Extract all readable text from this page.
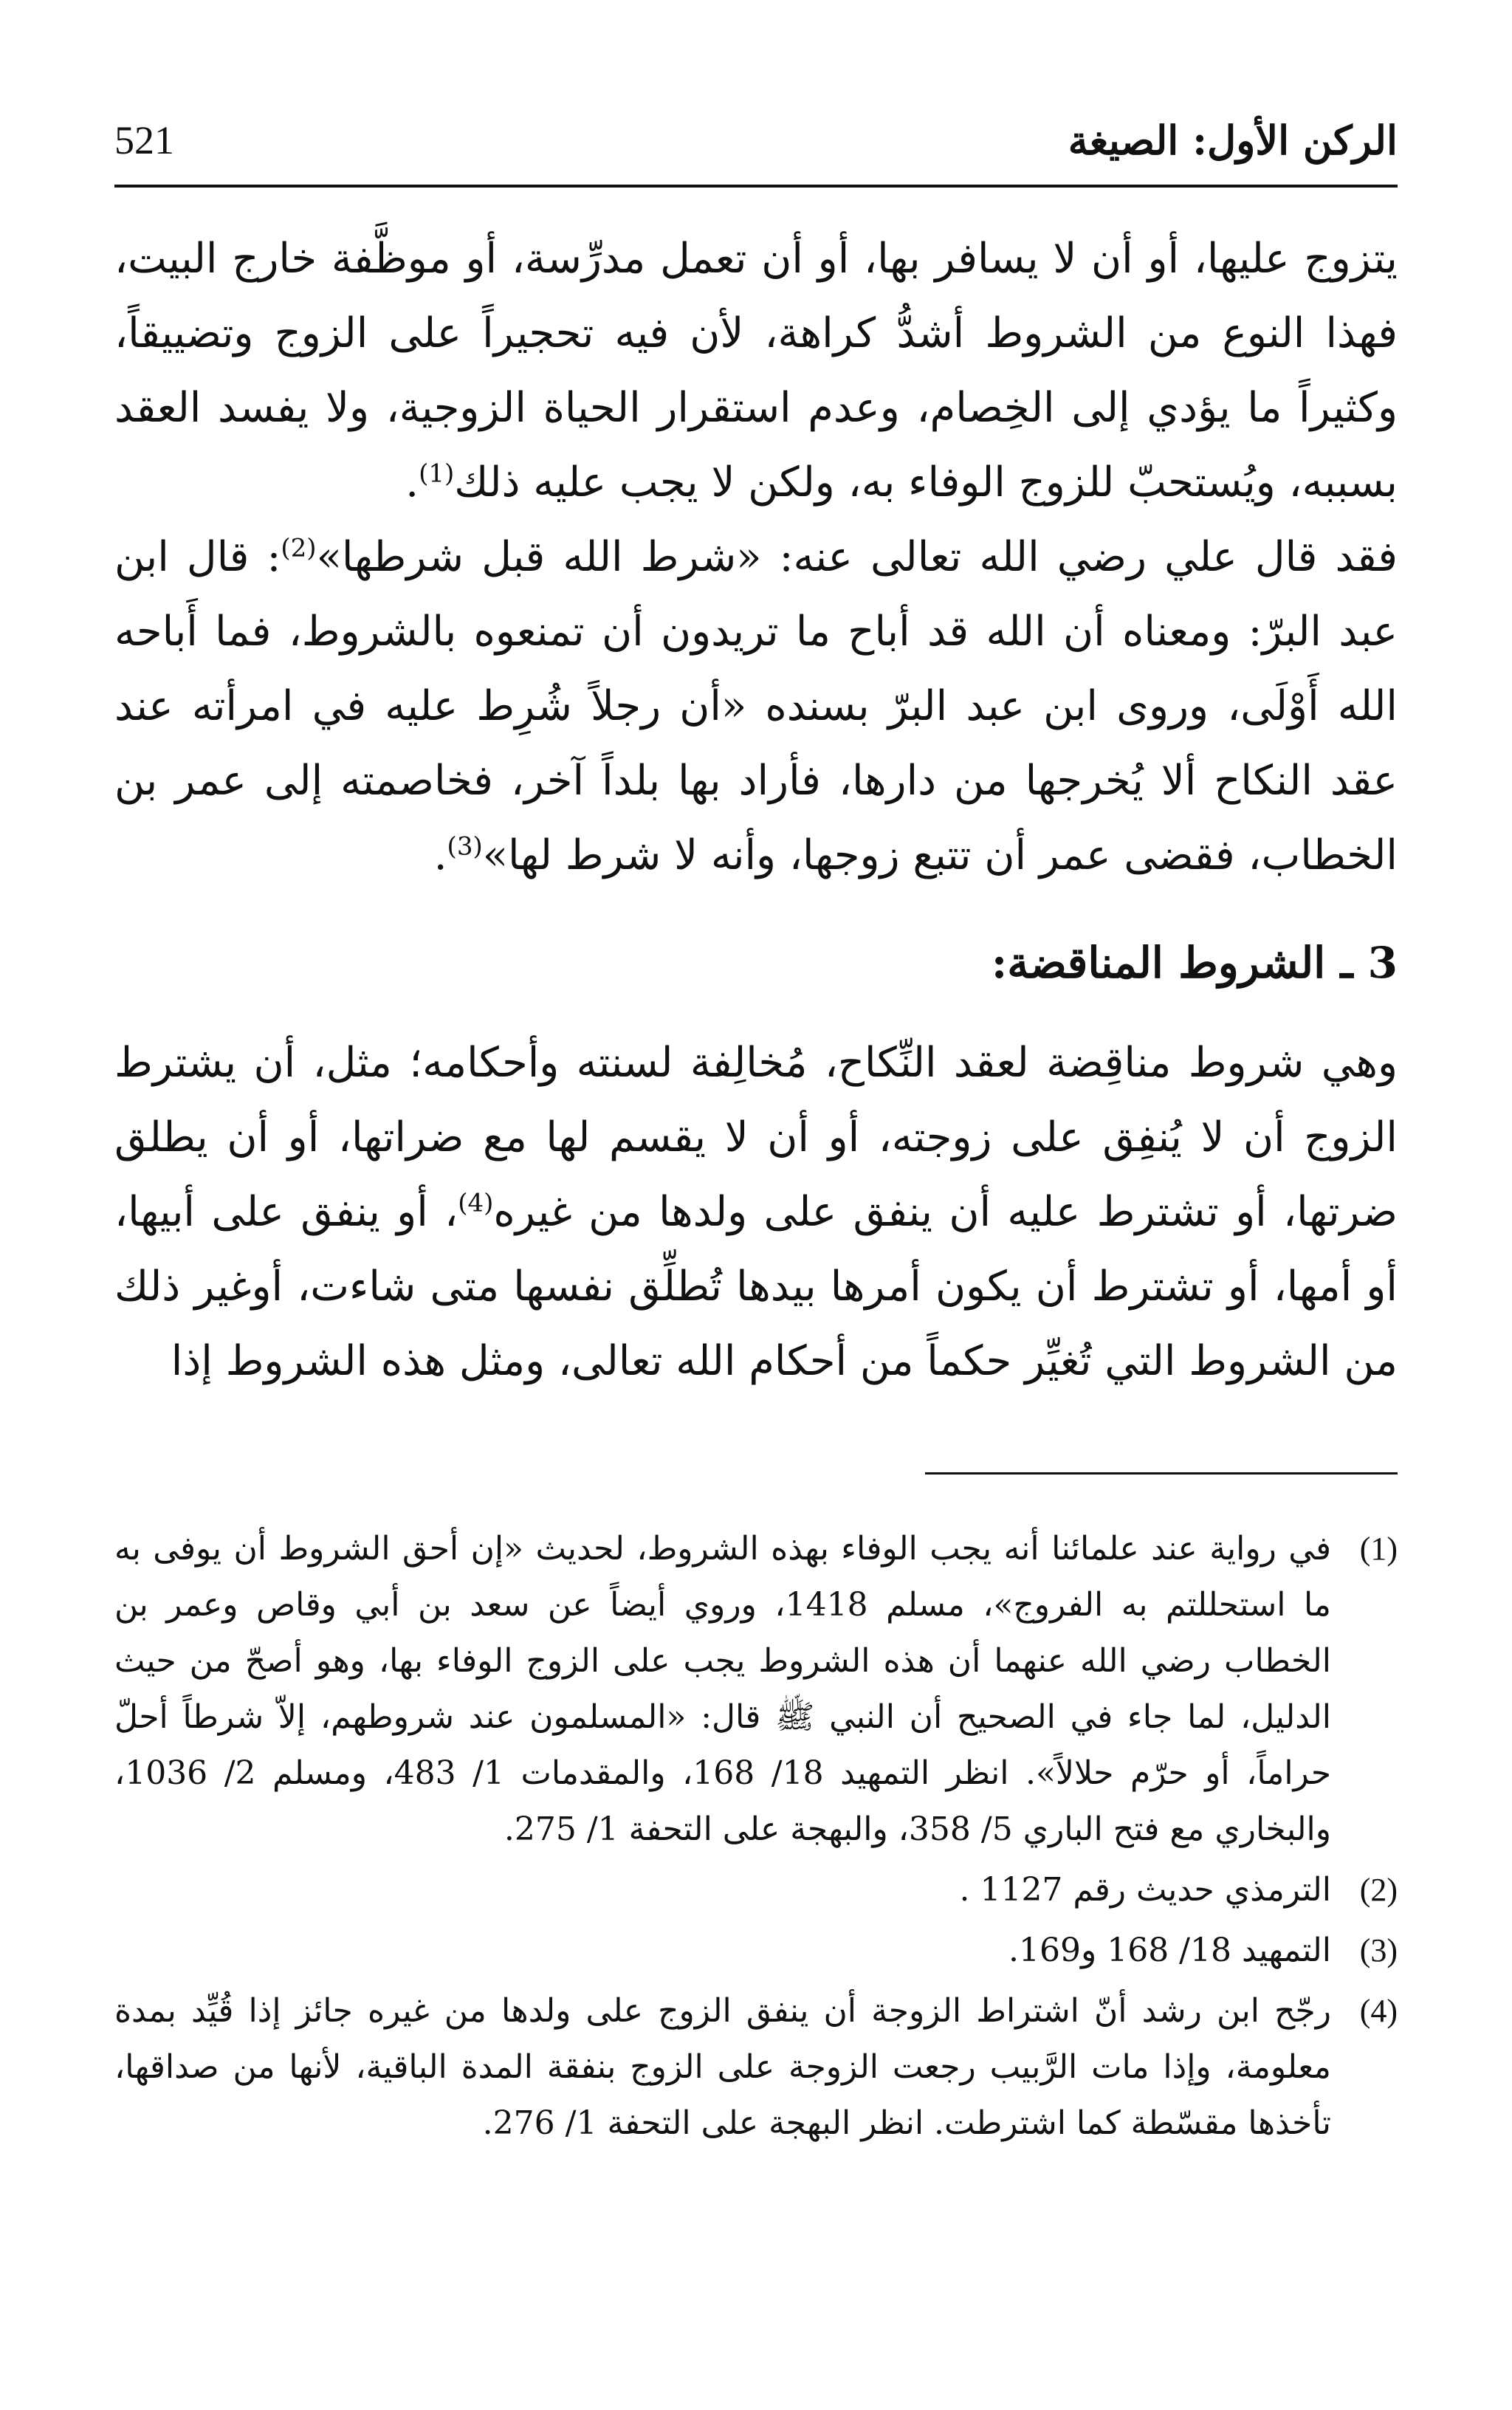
الركن الأول: الصيغة
521

يتزوج عليها، أو أن لا يسافر بها، أو أن تعمل مدرِّسة، أو موظَّفة خارج البيت، فهذا النوع من الشروط أشدُّ كراهة، لأن فيه تحجيراً على الزوج وتضييقاً، وكثيراً ما يؤدي إلى الخِصام، وعدم استقرار الحياة الزوجية، ولا يفسد العقد بسببه، ويُستحبّ للزوج الوفاء به، ولكن لا يجب عليه ذلك$^{(1)}$.

فقد قال علي رضي الله تعالى عنه: «شرط الله قبل شرطها»$^{(2)}$: قال ابن عبد البرّ: ومعناه أن الله قد أباح ما تريدون أن تمنعوه بالشروط، فما أَباحه الله أَوْلَى، وروى ابن عبد البرّ بسنده «أن رجلاً شُرِط عليه في امرأته عند عقد النكاح ألا يُخرجها من دارها، فأراد بها بلداً آخر، فخاصمته إلى عمر بن الخطاب، فقضى عمر أن تتبع زوجها، وأنه لا شرط لها»$^{(3)}$.

3 ـ الشروط المناقضة:

وهي شروط مناقِضة لعقد النِّكاح، مُخالِفة لسنته وأحكامه؛ مثل، أن يشترط الزوج أن لا يُنفِق على زوجته، أو أن لا يقسم لها مع ضراتها، أو أن يطلق ضرتها، أو تشترط عليه أن ينفق على ولدها من غيره$^{(4)}$، أو ينفق على أبيها، أو أمها، أو تشترط أن يكون أمرها بيدها تُطلِّق نفسها متى شاءت، أوغير ذلك من الشروط التي تُغيِّر حكماً من أحكام الله تعالى، ومثل هذه الشروط إذا

(1)
في رواية عند علمائنا أنه يجب الوفاء بهذه الشروط، لحديث «إن أحق الشروط أن يوفى به ما استحللتم به الفروج»، مسلم 1418، وروي أيضاً عن سعد بن أبي وقاص وعمر بن الخطاب رضي الله عنهما أن هذه الشروط يجب على الزوج الوفاء بها، وهو أصحّ من حيث الدليل، لما جاء في الصحيح أن النبي ﷺ قال: «المسلمون عند شروطهم، إلاّ شرطاً أحلّ حراماً، أو حرّم حلالاً». انظر التمهيد 18/ 168، والمقدمات 1/ 483، ومسلم 2/ 1036، والبخاري مع فتح الباري 5/ 358، والبهجة على التحفة 1/ 275.
(2)
الترمذي حديث رقم 1127 .
(3)
التمهيد 18/ 168 و169.
(4)
رجّح ابن رشد أنّ اشتراط الزوجة أن ينفق الزوج على ولدها من غيره جائز إذا قُيِّد بمدة معلومة، وإذا مات الرَّبيب رجعت الزوجة على الزوج بنفقة المدة الباقية، لأنها من صداقها، تأخذها مقسّطة كما اشترطت. انظر البهجة على التحفة 1/ 276.
